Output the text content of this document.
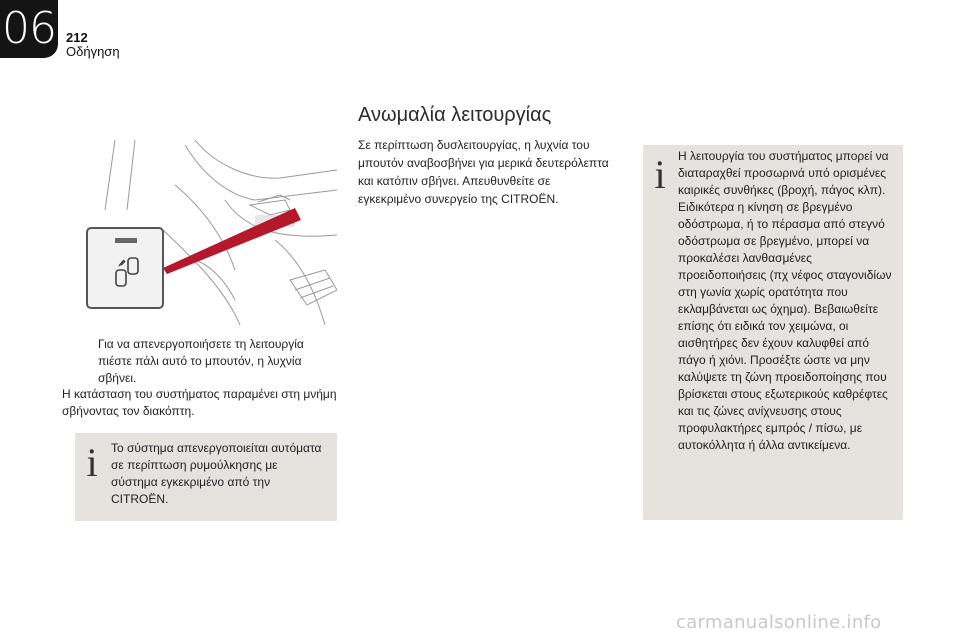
06 212
Οδήγηση
Για να απενεργοποιήσετε τη λειτουργία πιέστε πάλι αυτό το μπουτόν, η λυχνία σβήνει.
Η κατάσταση του συστήματος παραμένει στη μνήμη σβήνοντας τον διακόπτη.
i Το σύστημα απενεργοποιείται αυτόματα σε περίπτωση ρυμούλκησης με σύστημα εγκεκριμένο από την CITROËN.
Ανωμαλία λειτουργίας
Σε περίπτωση δυσλειτουργίας, η λυχνία του μπουτόν αναβοσβήνει για μερικά δευτερόλεπτα και κατόπιν σβήνει. Απευθυνθείτε σε εγκεκριμένο συνεργείο της CITROËN.
i Η λειτουργία του συστήματος μπορεί να διαταραχθεί προσωρινά υπό ορισμένες καιρικές συνθήκες (βροχή, πάγος κλπ). Ειδικότερα η κίνηση σε βρεγμένο οδόστρωμα, ή το πέρασμα από στεγνό οδόστρωμα σε βρεγμένο, μπορεί να προκαλέσει λανθασμένες προειδοποιήσεις (πχ νέφος σταγονιδίων στη γωνία χωρίς ορατότητα που εκλαμβάνεται ως όχημα). Βεβαιωθείτε επίσης ότι ειδικά τον χειμώνα, οι αισθητήρες δεν έχουν καλυφθεί από πάγο ή χιόνι. Προσέξτε ώστε να μην καλύψετε τη ζώνη προειδοποίησης που βρίσκεται στους εξωτερικούς καθρέφτες και τις ζώνες ανίχνευσης στους προφυλακτήρες εμπρός / πίσω, με αυτοκόλλητα ή άλλα αντικείμενα.
carmanualsonline.info
